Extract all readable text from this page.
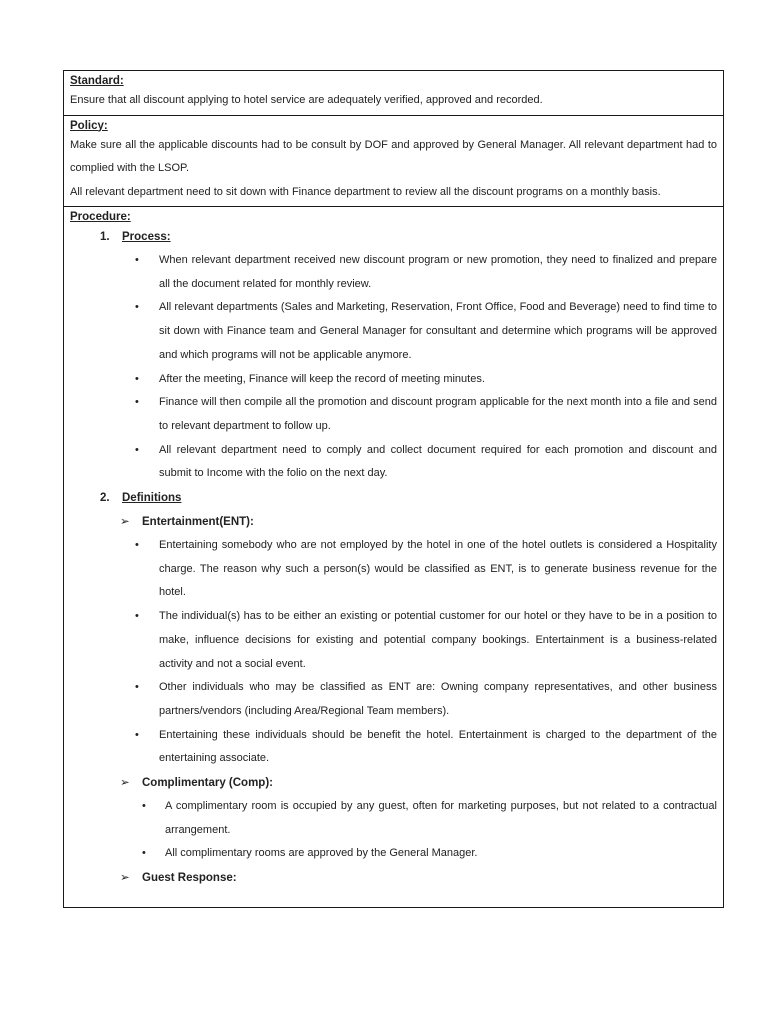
Standard:
Ensure that all discount applying to hotel service are adequately verified, approved and recorded.
Policy:
Make sure all the applicable discounts had to be consult by DOF and approved by General Manager. All relevant department had to complied with the LSOP.
All relevant department need to sit down with Finance department to review all the discount programs on a monthly basis.
Procedure:
1. Process:
• When relevant department received new discount program or new promotion, they need to finalized and prepare all the document related for monthly review.
• All relevant departments (Sales and Marketing, Reservation, Front Office, Food and Beverage) need to find time to sit down with Finance team and General Manager for consultant and determine which programs will be approved and which programs will not be applicable anymore.
• After the meeting, Finance will keep the record of meeting minutes.
• Finance will then compile all the promotion and discount program applicable for the next month into a file and send to relevant department to follow up.
• All relevant department need to comply and collect document required for each promotion and discount and submit to Income with the folio on the next day.
2. Definitions
➢ Entertainment(ENT):
• Entertaining somebody who are not employed by the hotel in one of the hotel outlets is considered a Hospitality charge. The reason why such a person(s) would be classified as ENT, is to generate business revenue for the hotel.
• The individual(s) has to be either an existing or potential customer for our hotel or they have to be in a position to make, influence decisions for existing and potential company bookings. Entertainment is a business-related activity and not a social event.
• Other individuals who may be classified as ENT are: Owning company representatives, and other business partners/vendors (including Area/Regional Team members).
• Entertaining these individuals should be benefit the hotel. Entertainment is charged to the department of the entertaining associate.
➢ Complimentary (Comp):
• A complimentary room is occupied by any guest, often for marketing purposes, but not related to a contractual arrangement.
• All complimentary rooms are approved by the General Manager.
➢ Guest Response:
